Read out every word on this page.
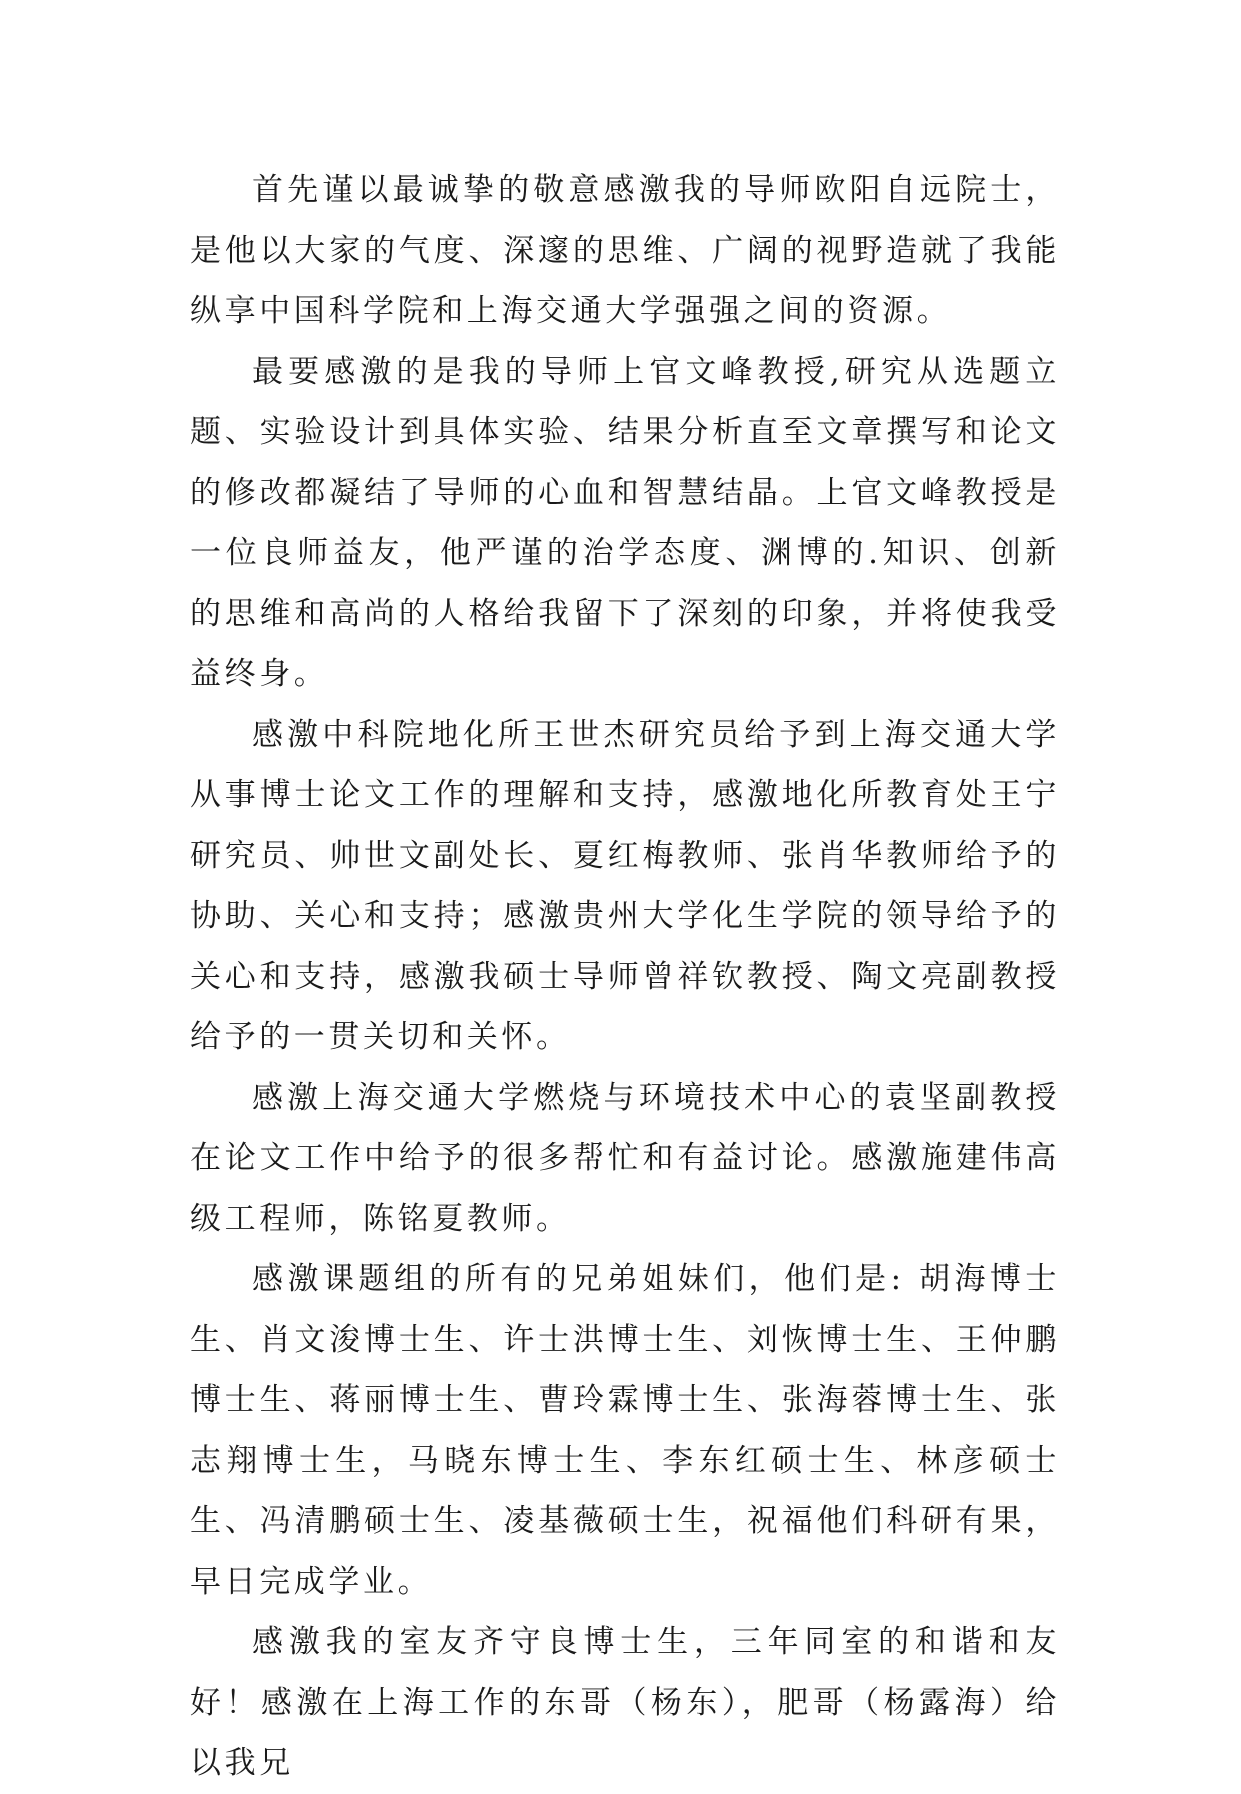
首先谨以最诚挚的敬意感激我的导师欧阳自远院士，是他以大家的气度、深邃的思维、广阔的视野造就了我能纵享中国科学院和上海交通大学强强之间的资源。

最要感激的是我的导师上官文峰教授,研究从选题立题、实验设计到具体实验、结果分析直至文章撰写和论文的修改都凝结了导师的心血和智慧结晶。上官文峰教授是一位良师益友，他严谨的治学态度、渊博的.知识、创新的思维和高尚的人格给我留下了深刻的印象，并将使我受益终身。

感激中科院地化所王世杰研究员给予到上海交通大学从事博士论文工作的理解和支持，感激地化所教育处王宁研究员、帅世文副处长、夏红梅教师、张肖华教师给予的协助、关心和支持；感激贵州大学化生学院的领导给予的关心和支持，感激我硕士导师曾祥钦教授、陶文亮副教授给予的一贯关切和关怀。

感激上海交通大学燃烧与环境技术中心的袁坚副教授在论文工作中给予的很多帮忙和有益讨论。感激施建伟高级工程师，陈铭夏教师。

感激课题组的所有的兄弟姐妹们，他们是: 胡海博士生、肖文浚博士生、许士洪博士生、刘恢博士生、王仲鹏博士生、蒋丽博士生、曹玲霖博士生、张海蓉博士生、张志翔博士生，马晓东博士生、李东红硕士生、林彦硕士生、冯清鹏硕士生、凌基薇硕士生，祝福他们科研有果，早日完成学业。

感激我的室友齐守良博士生，三年同室的和谐和友好！感激在上海工作的东哥（杨东），肥哥（杨露海）给以我兄
